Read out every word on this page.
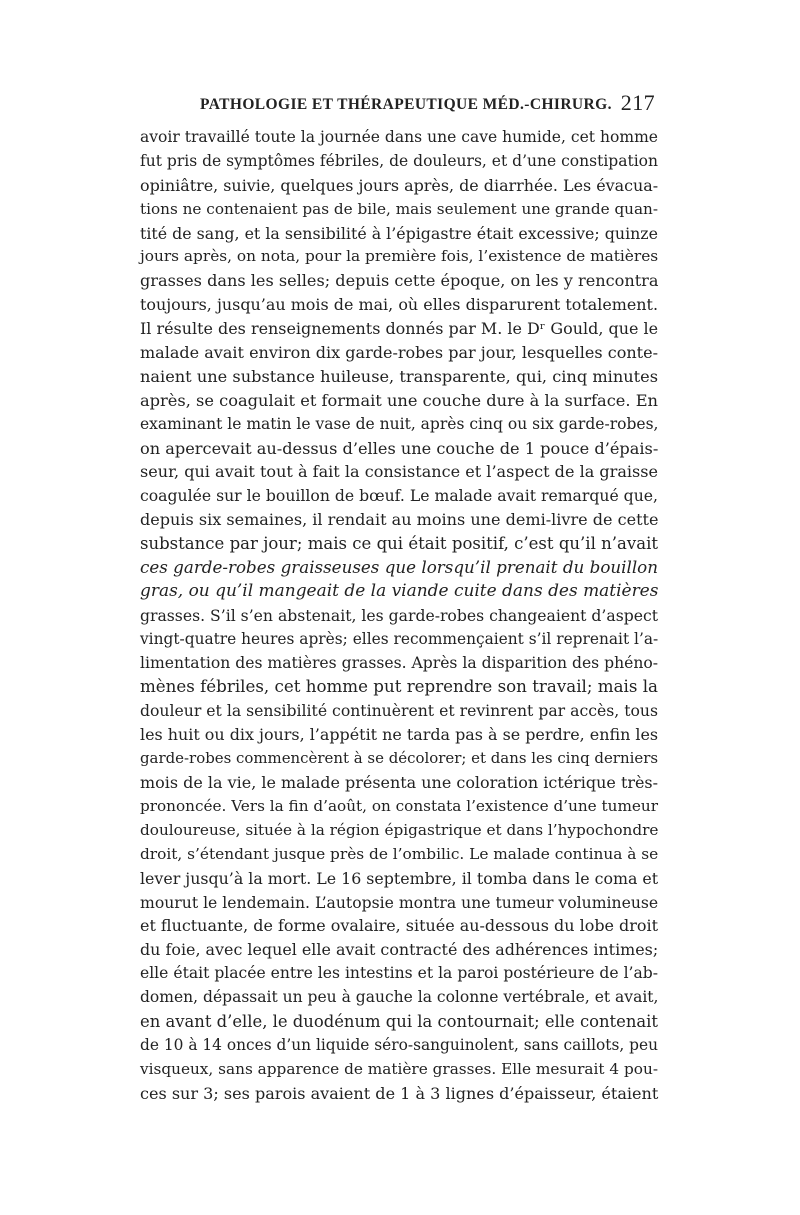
PATHOLOGIE ET THÉRAPEUTIQUE MÉD.-CHIRURG. 217
avoir travaillé toute la journée dans une cave humide, cet homme
fut pris de symptômes fébriles, de douleurs, et d’une constipation
opiniâtre, suivie, quelques jours après, de diarrhée. Les évacua-
tions ne contenaient pas de bile, mais seulement une grande quan-
tité de sang, et la sensibilité à l’épigastre était excessive; quinze
jours après, on nota, pour la première fois, l’existence de matières
grasses dans les selles; depuis cette époque, on les y rencontra
toujours, jusqu’au mois de mai, où elles disparurent totalement.
Il résulte des renseignements donnés par M. le Dʳ Gould, que le
malade avait environ dix garde-robes par jour, lesquelles conte-
naient une substance huileuse, transparente, qui, cinq minutes
après, se coagulait et formait une couche dure à la surface. En
examinant le matin le vase de nuit, après cinq ou six garde-robes,
on apercevait au-dessus d’elles une couche de 1 pouce d’épais-
seur, qui avait tout à fait la consistance et l’aspect de la graisse
coagulée sur le bouillon de bœuf. Le malade avait remarqué que,
depuis six semaines, il rendait au moins une demi-livre de cette
substance par jour; mais ce qui était positif, c’est qu’il n’avait
ces garde-robes graisseuses que lorsqu’il prenait du bouillon
gras, ou qu’il mangeait de la viande cuite dans des matières
grasses. S’il s’en abstenait, les garde-robes changeaient d’aspect
vingt-quatre heures après; elles recommençaient s’il reprenait l’a-
limentation des matières grasses. Après la disparition des phéno-
mènes fébriles, cet homme put reprendre son travail; mais la
douleur et la sensibilité continuèrent et revinrent par accès, tous
les huit ou dix jours, l’appétit ne tarda pas à se perdre, enfin les
garde-robes commencèrent à se décolorer; et dans les cinq derniers
mois de la vie, le malade présenta une coloration ictérique très-
prononcée. Vers la fin d’août, on constata l’existence d’une tumeur
douloureuse, située à la région épigastrique et dans l’hypochondre
droit, s’étendant jusque près de l’ombilic. Le malade continua à se
lever jusqu’à la mort. Le 16 septembre, il tomba dans le coma et
mourut le lendemain. L’autopsie montra une tumeur volumineuse
et fluctuante, de forme ovalaire, située au-dessous du lobe droit
du foie, avec lequel elle avait contracté des adhérences intimes;
elle était placée entre les intestins et la paroi postérieure de l’ab-
domen, dépassait un peu à gauche la colonne vertébrale, et avait,
en avant d’elle, le duodénum qui la contournait; elle contenait
de 10 à 14 onces d’un liquide séro-sanguinolent, sans caillots, peu
visqueux, sans apparence de matière grasses. Elle mesurait 4 pou-
ces sur 3; ses parois avaient de 1 à 3 lignes d’épaisseur, étaient
